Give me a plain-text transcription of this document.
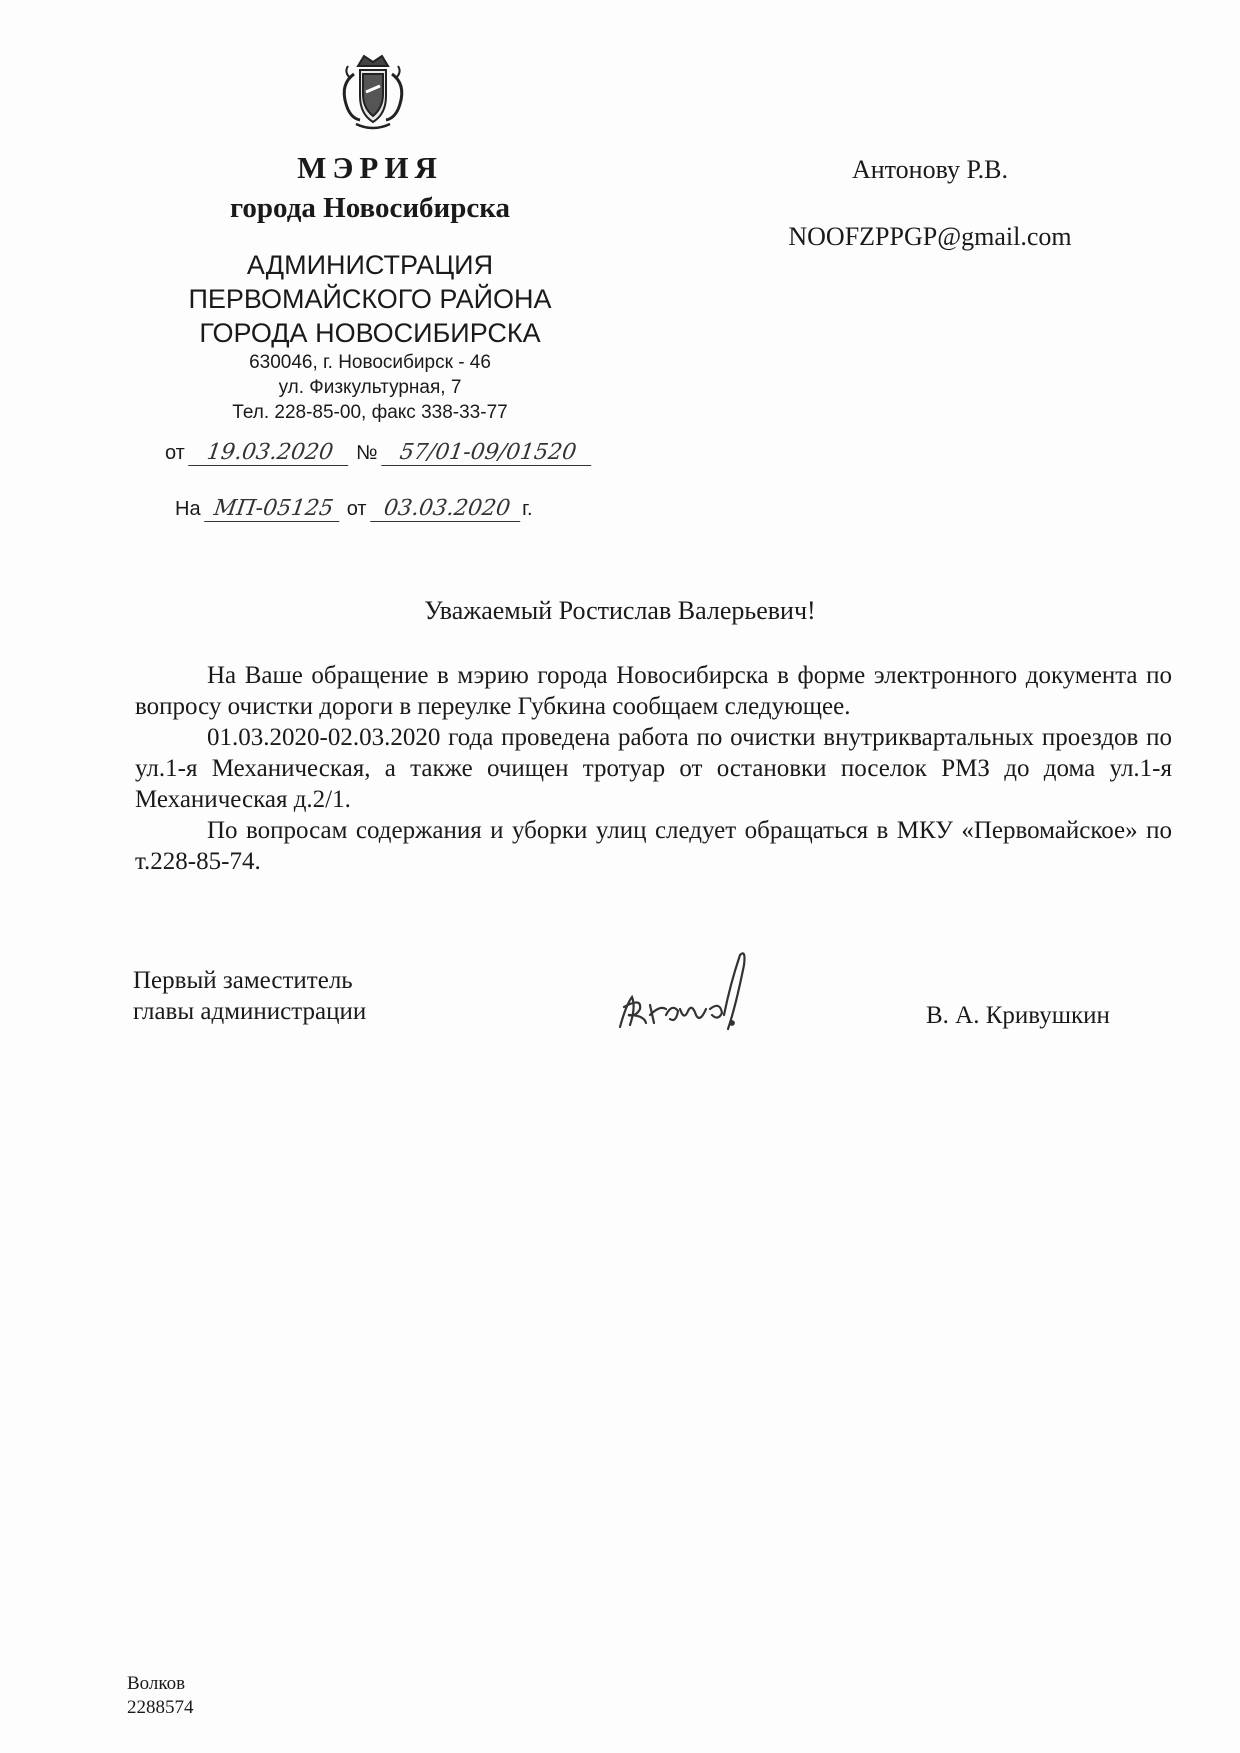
МЭРИЯ
города Новосибирска
АДМИНИСТРАЦИЯ
ПЕРВОМАЙСКОГО РАЙОНА
ГОРОДА НОВОСИБИРСКА
630046, г. Новосибирск - 46
ул. Физкультурная, 7
Тел. 228-85-00, факс 338-33-77
от 19.03.2020 № 57/01-09/01520
На МП-05125 от 03.03.2020 г.
Антонову Р.В.
NOOFZPPGP@gmail.com
Уважаемый Ростислав Валерьевич!

На Ваше обращение в мэрию города Новосибирска в форме электронного документа по вопросу очистки дороги в переулке Губкина сообщаем следующее.

01.03.2020-02.03.2020 года проведена работа по очистки внутриквартальных проездов по ул.1-я Механическая, а также очищен тротуар от остановки поселок РМЗ до дома ул.1-я Механическая д.2/1.

По вопросам содержания и уборки улиц следует обращаться в МКУ «Первомайское» по т.228-85-74.

Первый заместитель
главы администрации	В. А. Кривушкин
Волков
2288574
